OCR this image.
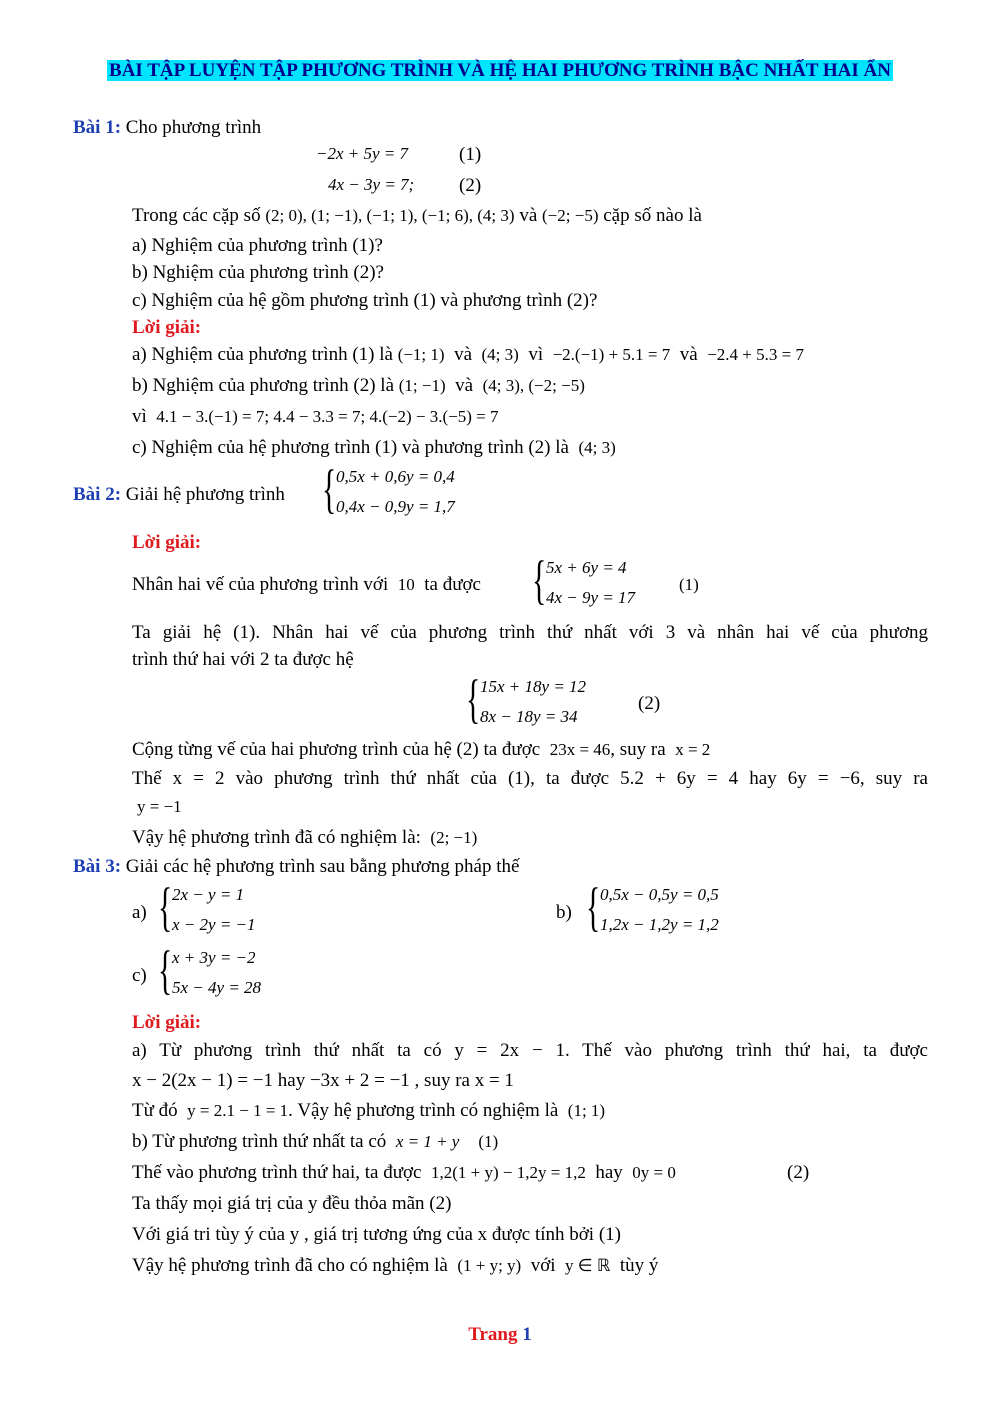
BÀI TẬP LUYỆN TẬP PHƯƠNG TRÌNH VÀ HỆ HAI PHƯƠNG TRÌNH BẬC NHẤT HAI ẨN
Bài 1: Cho phương trình
−2x + 5y = 7	(1)
4x − 3y = 7; (2)
Trong các cặp số (2; 0), (1; −1), (−1; 1), (−1; 6), (4; 3) và (−2; −5) cặp số nào là
a) Nghiệm của phương trình (1)?
b) Nghiệm của phương trình (2)?
c) Nghiệm của hệ gồm phương trình (1) và phương trình (2)?
Lời giải:
a) Nghiệm của phương trình (1) là (−1; 1) và (4; 3) vì −2.(−1) + 5.1 = 7 và −2.4 + 5.3 = 7
b) Nghiệm của phương trình (2) là (1; −1) và (4; 3), (−2; −5)
vì 4.1 − 3.(−1) = 7; 4.4 − 3.3 = 7; 4.(−2) − 3.(−5) = 7
c) Nghiệm của hệ phương trình (1) và phương trình (2) là (4; 3)
Bài 2: Giải hệ phương trình { 0,5x + 0,6y = 0,4
0,4x − 0,9y = 1,7
Lời giải:
Nhân hai vế của phương trình với 10 ta được { 5x + 6y = 4
4x − 9y = 17
(1)
Ta giải hệ (1). Nhân hai vế của phương trình thứ nhất với 3 và nhân hai vế của phương
trình thứ hai với 2 ta được hệ
{ 15x + 18y = 12
8x − 18y = 34
(2)
Cộng từng vế của hai phương trình của hệ (2) ta được 23x = 46, suy ra x = 2
Thế x = 2 vào phương trình thứ nhất của (1), ta được 5.2 + 6y = 4 hay 6y = −6, suy ra
y = −1
Vậy hệ phương trình đã có nghiệm là: (2; −1)
Bài 3: Giải các hệ phương trình sau bằng phương pháp thế
a) { 2x − y = 1
x − 2y = −1
b) { 0,5x − 0,5y = 0,5
1,2x − 1,2y = 1,2
c) { x + 3y = −2
5x − 4y = 28
Lời giải:
a) Từ phương trình thứ nhất ta có y = 2x − 1. Thế vào phương trình thứ hai, ta được
x − 2(2x − 1) = −1 hay −3x + 2 = −1 , suy ra x = 1
Từ đó y = 2.1 − 1 = 1. Vậy hệ phương trình có nghiệm là (1; 1)
b) Từ phương trình thứ nhất ta có x = 1 + y (1)
Thế vào phương trình thứ hai, ta được 1,2(1 + y) − 1,2y = 1,2 hay 0y = 0	(2)
Ta thấy mọi giá trị của y đều thỏa mãn (2)
Với giá tri tùy ý của y , giá trị tương ứng của x được tính bởi (1)
Vậy hệ phương trình đã cho có nghiệm là (1 + y; y) với y ∈ ℝ tùy ý
Trang 1
